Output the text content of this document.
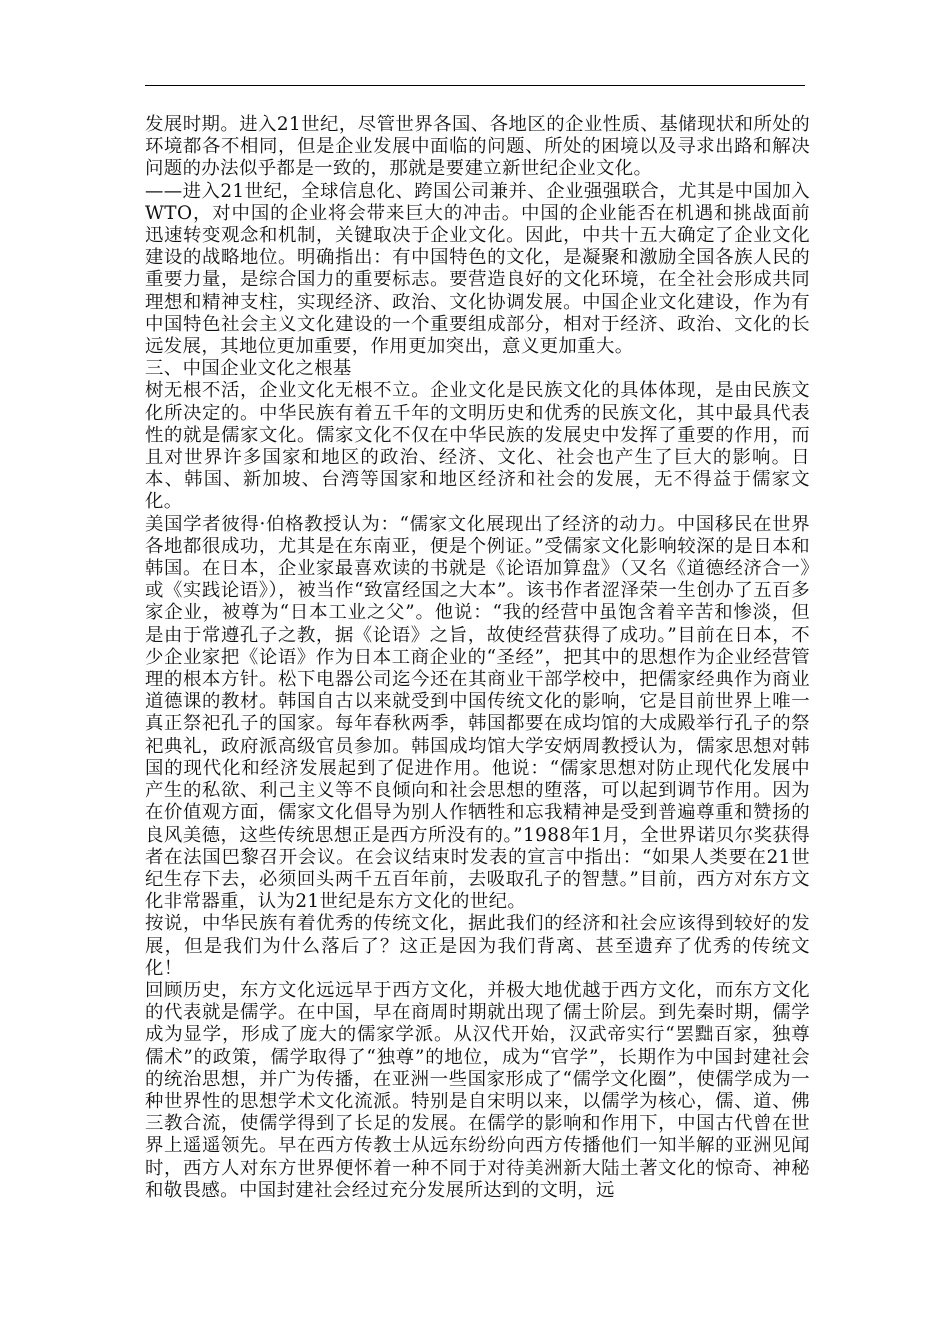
发展时期。进入21世纪，尽管世界各国、各地区的企业性质、基储现状和所处的环境都各不相同，但是企业发展中面临的问题、所处的困境以及寻求出路和解决问题的办法似乎都是一致的，那就是要建立新世纪企业文化。

——进入21世纪，全球信息化、跨国公司兼并、企业强强联合，尤其是中国加入WTO，对中国的企业将会带来巨大的冲击。中国的企业能否在机遇和挑战面前迅速转变观念和机制，关键取决于企业文化。因此，中共十五大确定了企业文化建设的战略地位。明确指出：有中国特色的文化，是凝聚和激励全国各族人民的重要力量，是综合国力的重要标志。要营造良好的文化环境，在全社会形成共同理想和精神支柱，实现经济、政治、文化协调发展。中国企业文化建设，作为有中国特色社会主义文化建设的一个重要组成部分，相对于经济、政治、文化的长远发展，其地位更加重要，作用更加突出，意义更加重大。

三、中国企业文化之根基

树无根不活，企业文化无根不立。企业文化是民族文化的具体体现，是由民族文化所决定的。中华民族有着五千年的文明历史和优秀的民族文化，其中最具代表性的就是儒家文化。儒家文化不仅在中华民族的发展史中发挥了重要的作用，而且对世界许多国家和地区的政治、经济、文化、社会也产生了巨大的影响。日本、韩国、新加坡、台湾等国家和地区经济和社会的发展，无不得益于儒家文化。

美国学者彼得·伯格教授认为：“儒家文化展现出了经济的动力。中国移民在世界各地都很成功，尤其是在东南亚，便是个例证。”受儒家文化影响较深的是日本和韩国。在日本，企业家最喜欢读的书就是《论语加算盘》（又名《道德经济合一》或《实践论语》），被当作“致富经国之大本”。该书作者涩泽荣一生创办了五百多家企业，被尊为“日本工业之父”。他说：“我的经营中虽饱含着辛苦和惨淡，但是由于常遵孔子之教，据《论语》之旨，故使经营获得了成功。”目前在日本，不少企业家把《论语》作为日本工商企业的“圣经”，把其中的思想作为企业经营管理的根本方针。松下电器公司迄今还在其商业干部学校中，把儒家经典作为商业道德课的教材。韩国自古以来就受到中国传统文化的影响，它是目前世界上唯一真正祭祀孔子的国家。每年春秋两季，韩国都要在成均馆的大成殿举行孔子的祭祀典礼，政府派高级官员参加。韩国成均馆大学安炳周教授认为，儒家思想对韩国的现代化和经济发展起到了促进作用。他说：“儒家思想对防止现代化发展中产生的私欲、利己主义等不良倾向和社会思想的堕落，可以起到调节作用。因为在价值观方面，儒家文化倡导为别人作牺牲和忘我精神是受到普遍尊重和赞扬的良风美德，这些传统思想正是西方所没有的。”1988年1月，全世界诺贝尔奖获得者在法国巴黎召开会议。在会议结束时发表的宣言中指出：“如果人类要在21世纪生存下去，必须回头两千五百年前，去吸取孔子的智慧。”目前，西方对东方文化非常器重，认为21世纪是东方文化的世纪。

按说，中华民族有着优秀的传统文化，据此我们的经济和社会应该得到较好的发展，但是我们为什么落后了？这正是因为我们背离、甚至遗弃了优秀的传统文化！

回顾历史，东方文化远远早于西方文化，并极大地优越于西方文化，而东方文化的代表就是儒学。在中国，早在商周时期就出现了儒士阶层。到先秦时期，儒学成为显学，形成了庞大的儒家学派。从汉代开始，汉武帝实行“罢黜百家，独尊儒术”的政策，儒学取得了“独尊”的地位，成为“官学”，长期作为中国封建社会的统治思想，并广为传播，在亚洲一些国家形成了“儒学文化圈”，使儒学成为一种世界性的思想学术文化流派。特别是自宋明以来，以儒学为核心，儒、道、佛三教合流，使儒学得到了长足的发展。在儒学的影响和作用下，中国古代曾在世界上遥遥领先。早在西方传教士从远东纷纷向西方传播他们一知半解的亚洲见闻时，西方人对东方世界便怀着一种不同于对待美洲新大陆土著文化的惊奇、神秘和敬畏感。中国封建社会经过充分发展所达到的文明，远
